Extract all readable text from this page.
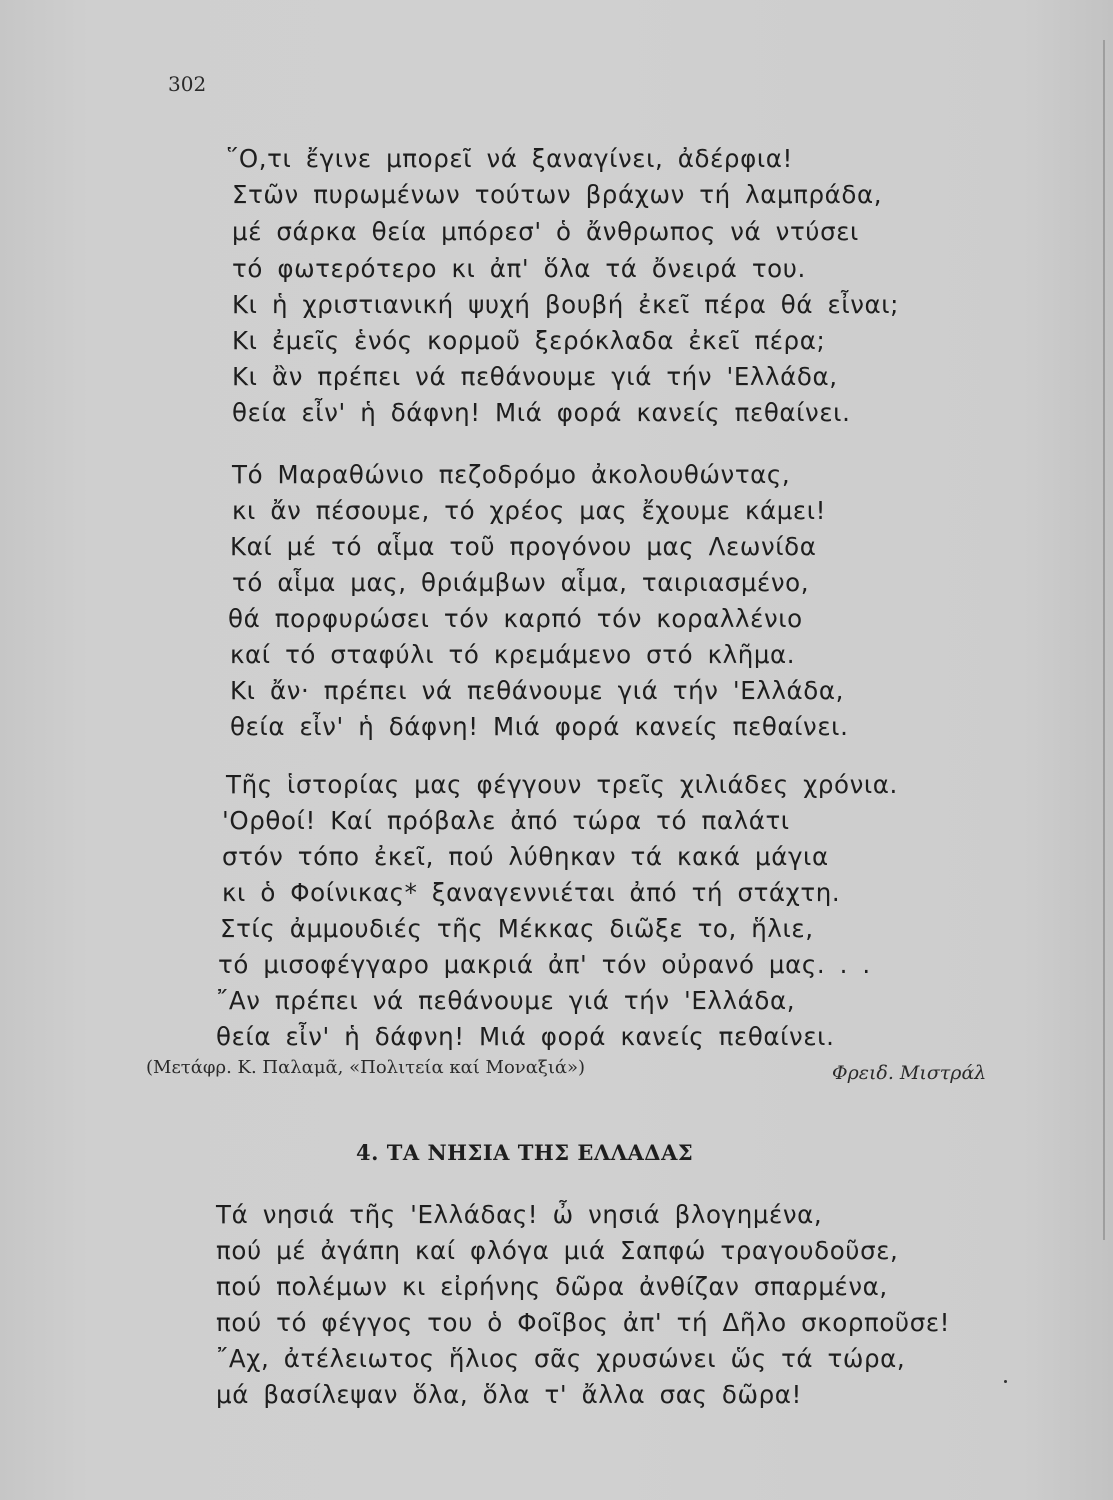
302
῞Ο,τι ἔγινε μπορεῖ νά ξαναγίνει, ἀδέρφια!
Στῶν πυρωμένων τούτων βράχων τή λαμπράδα,
μέ σάρκα θεία μπόρεσ' ὁ ἄνθρωπος νά ντύσει
τό φωτερότερο κι ἀπ' ὅλα τά ὄνειρά του.
Κι ἡ χριστιανική ψυχή βουβή ἐκεῖ πέρα θά εἶναι;
Κι ἐμεῖς ἑνός κορμοῦ ξερόκλαδα ἐκεῖ πέρα;
Κι ἂν πρέπει νά πεθάνουμε γιά τήν 'Ελλάδα,
θεία εἶν' ἡ δάφνη! Μιά φορά κανείς πεθαίνει.
Τό Μαραθώνιο πεζοδρόμο ἀκολουθώντας,
κι ἄν πέσουμε, τό χρέος μας ἔχουμε κάμει!
Καί μέ τό αἷμα τοῦ προγόνου μας Λεωνίδα
τό αἷμα μας, θριάμβων αἷμα, ταιριασμένο,
θά πορφυρώσει τόν καρπό τόν κοραλλένιο
καί τό σταφύλι τό κρεμάμενο στό κλῆμα.
Κι ἄν· πρέπει νά πεθάνουμε γιά τήν 'Ελλάδα,
θεία εἶν' ἡ δάφνη! Μιά φορά κανείς πεθαίνει.
Τῆς ἱστορίας μας φέγγουν τρεῖς χιλιάδες χρόνια.
'Ορθοί! Καί πρόβαλε ἀπό τώρα τό παλάτι
στόν τόπο ἐκεῖ, πού λύθηκαν τά κακά μάγια
κι ὁ Φοίνικας* ξαναγεννιέται ἀπό τή στάχτη.
Στίς ἀμμουδιές τῆς Μέκκας διῶξε το, ἥλιε,
τό μισοφέγγαρο μακριά ἀπ' τόν οὐρανό μας. . .
῎Αν πρέπει νά πεθάνουμε γιά τήν 'Ελλάδα,
θεία εἶν' ἡ δάφνη! Μιά φορά κανείς πεθαίνει.
(Μετάφρ. Κ. Παλαμᾶ, «Πολιτεία καί Μοναξιά»)	Φρειδ. Μιστράλ
4. ΤΑ ΝΗΣΙΑ ΤΗΣ ΕΛΛΑΔΑΣ
Τά νησιά τῆς 'Ελλάδας! ὦ νησιά βλογημένα,
πού μέ ἀγάπη καί φλόγα μιά Σαπφώ τραγουδοῦσε,
πού πολέμων κι εἰρήνης δῶρα ἀνθίζαν σπαρμένα,
πού τό φέγγος του ὁ Φοῖβος ἀπ' τή Δῆλο σκορποῦσε!
῎Αχ, ἀτέλειωτος ἥλιος σᾶς χρυσώνει ὥς τά τώρα,
μά βασίλεψαν ὅλα, ὅλα τ' ἄλλα σας δῶρα!
